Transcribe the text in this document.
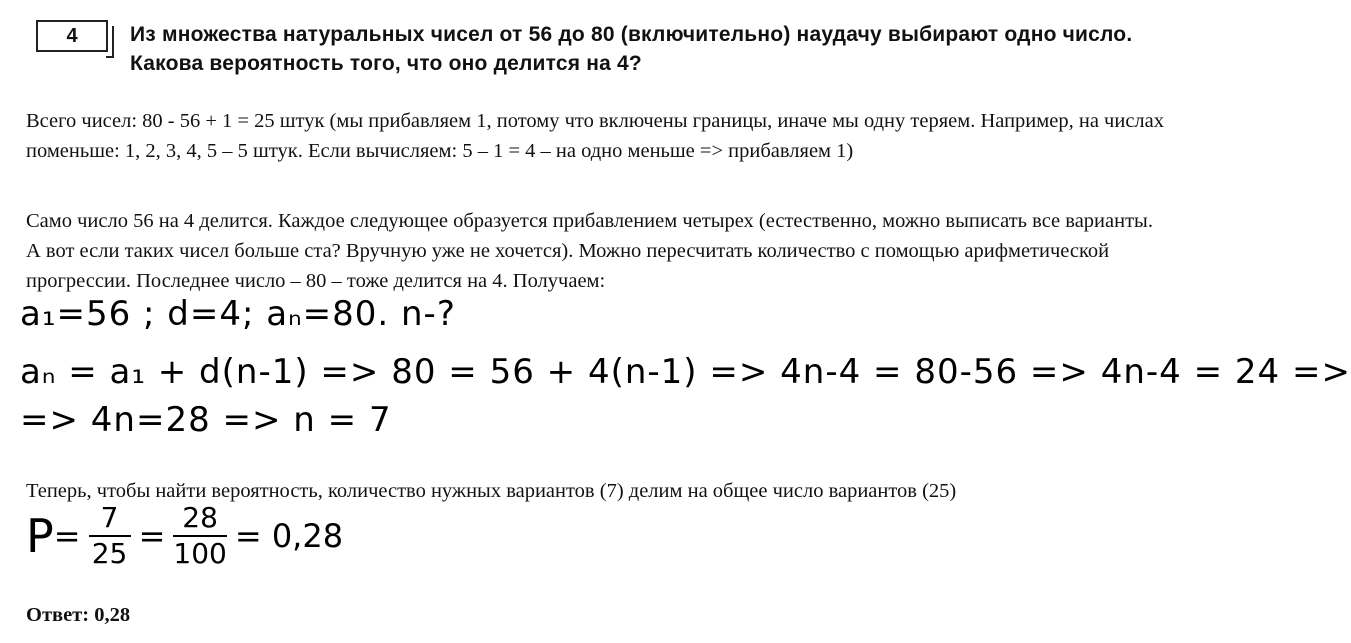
4 Из множества натуральных чисел от 56 до 80 (включительно) наудачу выбирают одно число. Какова вероятность того, что оно делится на 4?
Всего чисел: 80 - 56 + 1 = 25 штук (мы прибавляем 1, потому что включены границы, иначе мы одну теряем. Например, на числах поменьше: 1, 2, 3, 4, 5 – 5 штук. Если вычисляем: 5 – 1 = 4 – на одно меньше => прибавляем 1)
Само число 56 на 4 делится. Каждое следующее образуется прибавлением четырех (естественно, можно выписать все варианты. А вот если таких чисел больше ста? Вручную уже не хочется). Можно пересчитать количество с помощью арифметической прогрессии. Последнее число – 80 – тоже делится на 4. Получаем:
a₁=56 ; d=4; aₙ=80. n-?
aₙ = a₁ + d(n-1) => 80 = 56 + 4(n-1) => 4n-4 = 80-56 => 4n-4 = 24 =>
=> 4n=28 => n = 7
Теперь, чтобы найти вероятность, количество нужных вариантов (7) делим на общее число вариантов (25)
$P = \frac{7}{25} = \frac{28}{100} = 0,28$
Ответ: 0,28
